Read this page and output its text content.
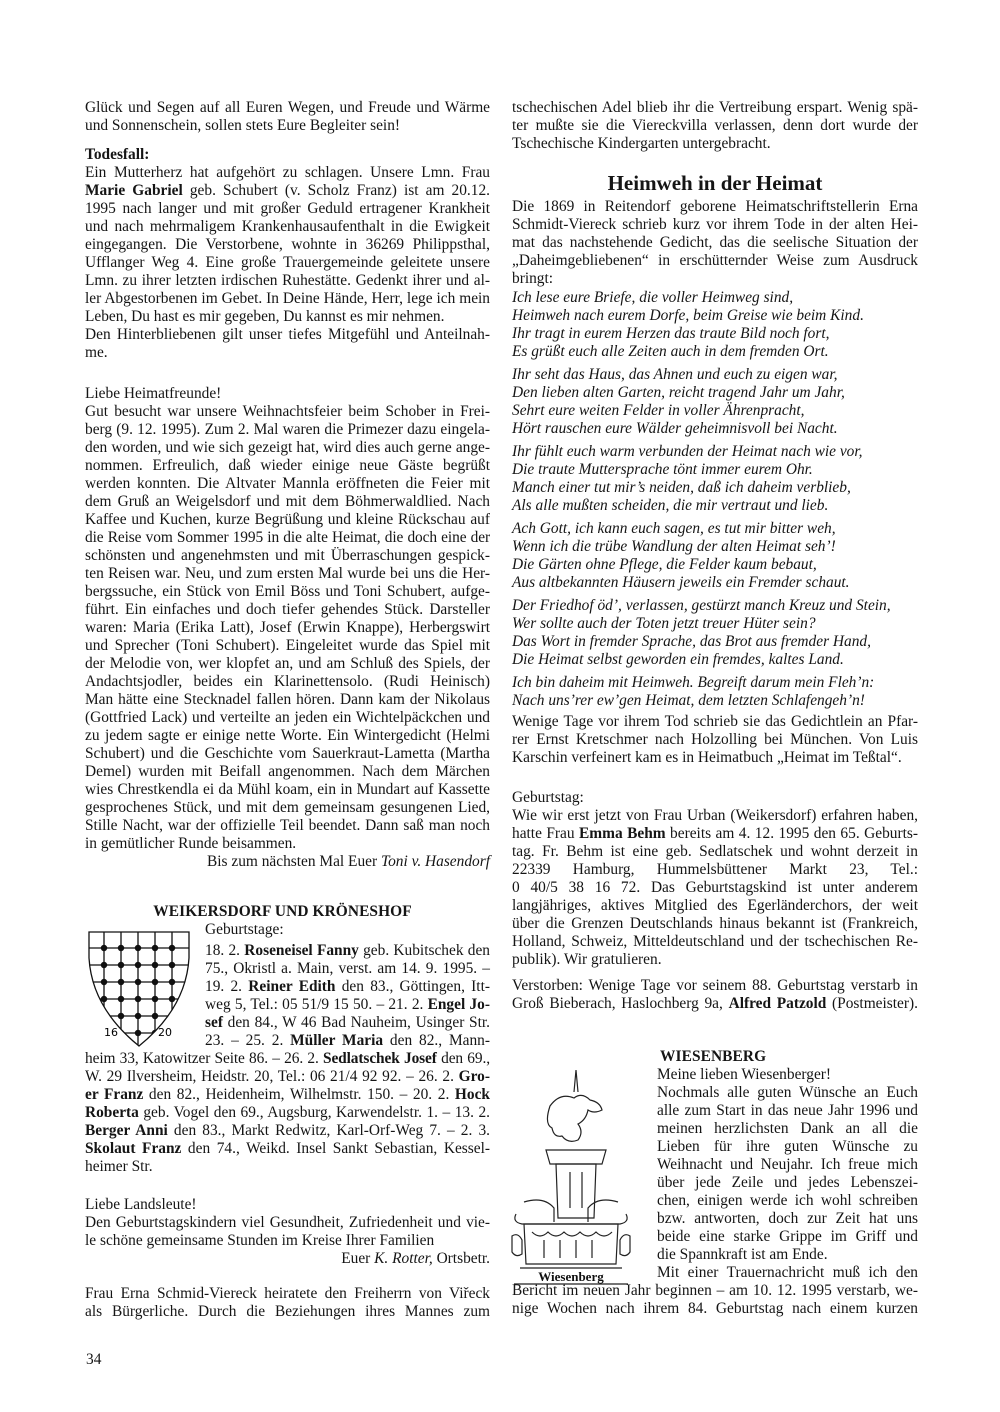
Glück und Segen auf all Euren Wegen, und Freude und Wärme
und Sonnenschein, sollen stets Eure Begleiter sein!
Todesfall:
Ein Mutterherz hat aufgehört zu schlagen. Unsere Lmn. Frau
Marie Gabriel geb. Schubert (v. Scholz Franz) ist am 20.12.
1995 nach langer und mit großer Geduld ertragener Krankheit
und nach mehrmaligem Krankenhausaufenthalt in die Ewigkeit
eingegangen. Die Verstorbene, wohnte in 36269 Philippsthal,
Ufflanger Weg 4. Eine große Trauergemeinde geleitete unsere
Lmn. zu ihrer letzten irdischen Ruhestätte. Gedenkt ihrer und al-
ler Abgestorbenen im Gebet. In Deine Hände, Herr, lege ich mein
Leben, Du hast es mir gegeben, Du kannst es mir nehmen.
Den Hinterbliebenen gilt unser tiefes Mitgefühl und Anteilnah-
me.
Liebe Heimatfreunde!
Gut besucht war unsere Weihnachtsfeier beim Schober in Frei-
berg (9. 12. 1995). Zum 2. Mal waren die Primezer dazu eingela-
den worden, und wie sich gezeigt hat, wird dies auch gerne ange-
nommen. Erfreulich, daß wieder einige neue Gäste begrüßt
werden konnten. Die Altvater Mannla eröffneten die Feier mit
dem Gruß an Weigelsdorf und mit dem Böhmerwaldlied. Nach
Kaffee und Kuchen, kurze Begrüßung und kleine Rückschau auf
die Reise vom Sommer 1995 in die alte Heimat, die doch eine der
schönsten und angenehmsten und mit Überraschungen gespick-
ten Reisen war. Neu, und zum ersten Mal wurde bei uns die Her-
bergssuche, ein Stück von Emil Böss und Toni Schubert, aufge-
führt. Ein einfaches und doch tiefer gehendes Stück. Darsteller
waren: Maria (Erika Latt), Josef (Erwin Knappe), Herbergswirt
und Sprecher (Toni Schubert). Eingeleitet wurde das Spiel mit
der Melodie von, wer klopfet an, und am Schluß des Spiels, der
Andachtsjodler, beides ein Klarinettensolo. (Rudi Heinisch)
Man hätte eine Stecknadel fallen hören. Dann kam der Nikolaus
(Gottfried Lack) und verteilte an jeden ein Wichtelpäckchen und
zu jedem sagte er einige nette Worte. Ein Wintergedicht (Helmi
Schubert) und die Geschichte vom Sauerkraut-Lametta (Martha
Demel) wurden mit Beifall angenommen. Nach dem Märchen
wies Chrestkendla ei da Mühl koam, ein in Mundart auf Kassette
gesprochenes Stück, und mit dem gemeinsam gesungenen Lied,
Stille Nacht, war der offizielle Teil beendet. Dann saß man noch
in gemütlicher Runde beisammen.
Bis zum nächsten Mal Euer Toni v. Hasendorf
WEIKERSDORF UND KRÖNESHOF
Geburtstage:
18. 2. Roseneisel Fanny geb. Kubitschek den
75., Okristl a. Main, verst. am 14. 9. 1995. –
19. 2. Reiner Edith den 83., Göttingen, Itt-
weg 5, Tel.: 05 51/9 15 50. – 21. 2. Engel Jo-
sef den 84., W 46 Bad Nauheim, Usinger Str.
23. – 25. 2. Müller Maria den 82., Mann-
heim 33, Katowitzer Seite 86. – 26. 2. Sedlatschek Josef den 69.,
W. 29 Ilversheim, Heidstr. 20, Tel.: 06 21/4 92 92. – 26. 2. Gro-
er Franz den 82., Heidenheim, Wilhelmstr. 150. – 20. 2. Hock
Roberta geb. Vogel den 69., Augsburg, Karwendelstr. 1. – 13. 2.
Berger Anni den 83., Markt Redwitz, Karl-Orf-Weg 7. – 2. 3.
Skolaut Franz den 74., Weikd. Insel Sankt Sebastian, Kessel-
heimer Str.
16	20
Liebe Landsleute!
Den Geburtstagskindern viel Gesundheit, Zufriedenheit und vie-
le schöne gemeinsame Stunden im Kreise Ihrer Familien
Euer K. Rotter, Ortsbetr.
Frau Erna Schmid-Viereck heiratete den Freiherrn von Viřeck
als Bürgerliche. Durch die Beziehungen ihres Mannes zum
34
tschechischen Adel blieb ihr die Vertreibung erspart. Wenig spä-
ter mußte sie die Viereckvilla verlassen, denn dort wurde der
Tschechische Kindergarten untergebracht.
Heimweh in der Heimat
Die 1869 in Reitendorf geborene Heimatschriftstellerin Erna
Schmidt-Viereck schrieb kurz vor ihrem Tode in der alten Hei-
mat das nachstehende Gedicht, das die seelische Situation der
„Daheimgebliebenen“ in erschütternder Weise zum Ausdruck
bringt:
Ich lese eure Briefe, die voller Heimweg sind,
Heimweh nach eurem Dorfe, beim Greise wie beim Kind.
Ihr tragt in eurem Herzen das traute Bild noch fort,
Es grüßt euch alle Zeiten auch in dem fremden Ort.
Ihr seht das Haus, das Ahnen und euch zu eigen war,
Den lieben alten Garten, reicht tragend Jahr um Jahr,
Sehrt eure weiten Felder in voller Ährenpracht,
Hört rauschen eure Wälder geheimnisvoll bei Nacht.
Ihr fühlt euch warm verbunden der Heimat nach wie vor,
Die traute Muttersprache tönt immer eurem Ohr.
Manch einer tut mir’s neiden, daß ich daheim verblieb,
Als alle mußten scheiden, die mir vertraut und lieb.
Ach Gott, ich kann euch sagen, es tut mir bitter weh,
Wenn ich die trübe Wandlung der alten Heimat seh’!
Die Gärten ohne Pflege, die Felder kaum bebaut,
Aus altbekannten Häusern jeweils ein Fremder schaut.
Der Friedhof öd’, verlassen, gestürzt manch Kreuz und Stein,
Wer sollte auch der Toten jetzt treuer Hüter sein?
Das Wort in fremder Sprache, das Brot aus fremder Hand,
Die Heimat selbst geworden ein fremdes, kaltes Land.
Ich bin daheim mit Heimweh. Begreift darum mein Fleh’n:
Nach uns’rer ew’gen Heimat, dem letzten Schlafengeh’n!
Wenige Tage vor ihrem Tod schrieb sie das Gedichtlein an Pfar-
rer Ernst Kretschmer nach Holzolling bei München. Von Luis
Karschin verfeinert kam es in Heimatbuch „Heimat im Teßtal“.
Geburtstag:
Wie wir erst jetzt von Frau Urban (Weikersdorf) erfahren haben,
hatte Frau Emma Behm bereits am 4. 12. 1995 den 65. Geburts-
tag. Fr. Behm ist eine geb. Sedlatschek und wohnt derzeit in
22339 Hamburg, Hummelsbüttener Markt 23, Tel.:
0 40/5 38 16 72. Das Geburtstagskind ist unter anderem
langjähriges, aktives Mitglied des Egerländerchors, der weit
über die Grenzen Deutschlands hinaus bekannt ist (Frankreich,
Holland, Schweiz, Mitteldeutschland und der tschechischen Re-
publik). Wir gratulieren.
Verstorben: Wenige Tage vor seinem 88. Geburtstag verstarb in
Groß Bieberach, Haslochberg 9a, Alfred Patzold (Postmeister).
WIESENBERG
Meine lieben Wiesenberger!
Nochmals alle guten Wünsche an Euch
alle zum Start in das neue Jahr 1996 und
meinen herzlichsten Dank an all die
Lieben für ihre guten Wünsche zu
Weihnacht und Neujahr. Ich freue mich
über jede Zeile und jedes Lebenszei-
chen, einigen werde ich wohl schreiben
bzw. antworten, doch zur Zeit hat uns
beide eine starke Grippe im Griff und
die Spannkraft ist am Ende.
Mit einer Trauernachricht muß ich den
Bericht im neuen Jahr beginnen – am 10. 12. 1995 verstarb, we-
nige Wochen nach ihrem 84. Geburtstag nach einem kurzen
Wiesenberg
